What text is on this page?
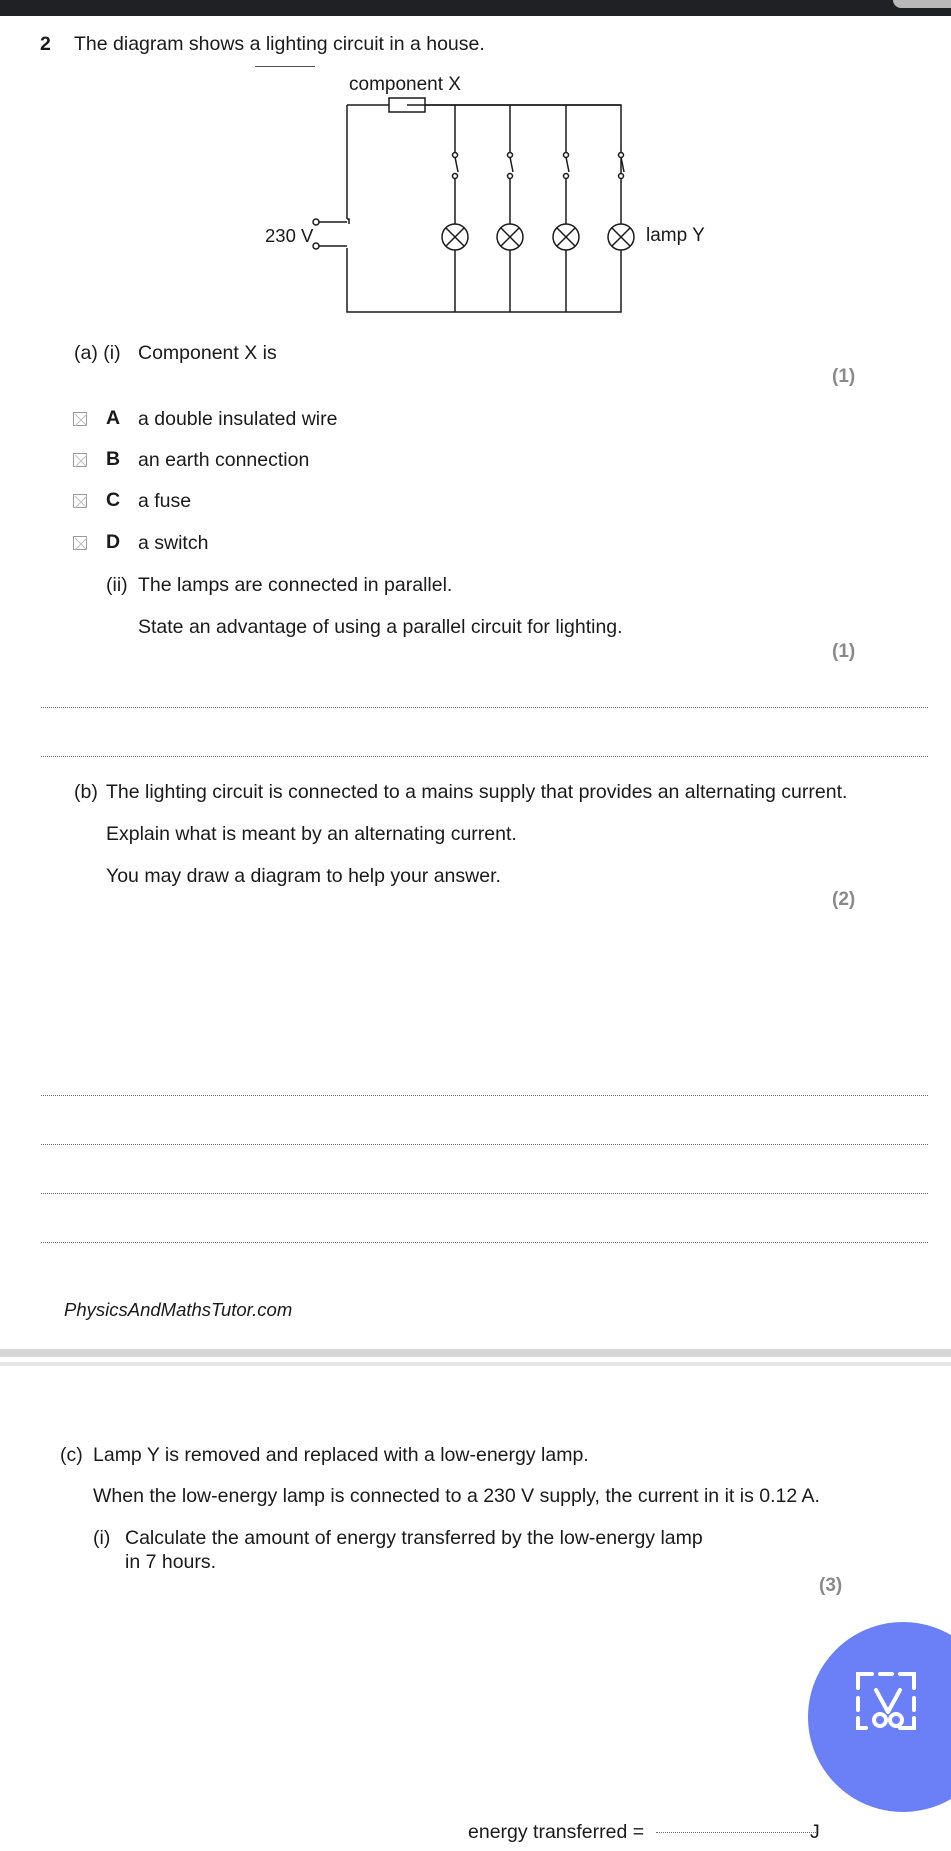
2 The diagram shows a lighting circuit in a house.
component X
230 V	lamp Y
(a) (i) Component X is
(1)
A a double insulated wire
B an earth connection
C a fuse
D a switch
(ii) The lamps are connected in parallel.
State an advantage of using a parallel circuit for lighting.
(1)
(b) The lighting circuit is connected to a mains supply that provides an alternating current.
Explain what is meant by an alternating current.
You may draw a diagram to help your answer.
(2)
PhysicsAndMathsTutor.com
(c) Lamp Y is removed and replaced with a low-energy lamp.
When the low-energy lamp is connected to a 230 V supply, the current in it is 0.12 A.
(i) Calculate the amount of energy transferred by the low-energy lamp
in 7 hours.
(3)
energy transferred =	J
